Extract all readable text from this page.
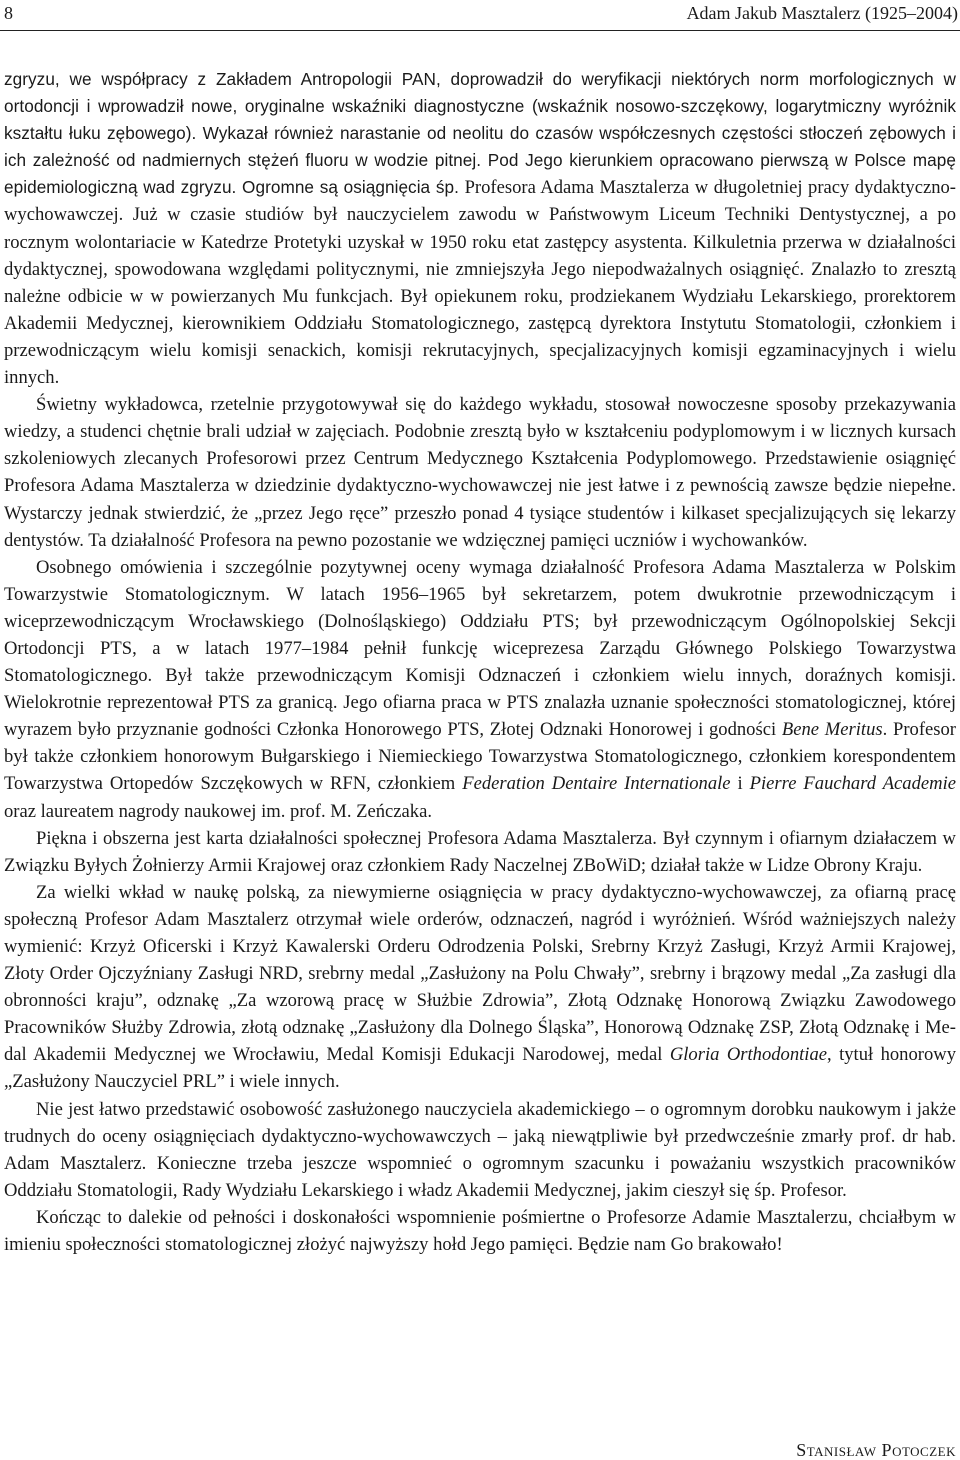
8	Adam Jakub Masztalerz (1925–2004)

zgryzu, we współpracy z Zakładem Antropologii PAN, doprowadził do weryfikacji niektórych norm morfologicznych w ortodoncji i wprowadził nowe, oryginalne wskaźniki diagnostyczne (wskaźnik nosowo-szczękowy, logarytmiczny wyróżnik kształtu łuku zębowego). Wykazał również narastanie od neolitu do czasów współczesnych częstości stłoczeń zębowych i ich zależność od nadmiernych stężeń fluoru w wodzie pitnej. Pod Jego kierunkiem opracowano pierwszą w Polsce mapę epidemiologiczną wad zgryzu. Ogromne są osiągnięcia śp. Profesora Adama Masztalerza w długoletniej pracy dydaktyczno-wychowawczej. Już w czasie studiów był nauczycielem zawodu w Państwowym Liceum Techniki Dentystycznej, a po rocznym wolontariacie w Katedrze Protetyki uzyskał w 1950 roku etat zastępcy asystenta. Kilkuletnia przerwa w działalności dydaktycznej, spowodowana względami politycznymi, nie zmniejszyła Jego niepodważalnych osiągnięć. Znalazło to zresztą należne odbicie w w powierzanych Mu funkcjach. Był opiekunem roku, prodziekanem Wydziału Lekarskiego, prorektorem Akademii Medycznej, kierownikiem Oddziału Stomatologicznego, zastępcą dyrektora Instytutu Stomatologii, członkiem i przewodniczącym wielu komisji senackich, komisji rekrutacyjnych, specjalizacyjnych komisji egzaminacyjnych i wielu innych.

Świetny wykładowca, rzetelnie przygotowywał się do każdego wykładu, stosował nowoczesne sposoby przekazywania wiedzy, a studenci chętnie brali udział w zajęciach. Podobnie zresztą było w kształceniu podyplomowym i w licznych kursach szkoleniowych zlecanych Profesorowi przez Centrum Medycznego Kształcenia Podyplomowego. Przedstawienie osiągnięć Profesora Adama Masztalerza w dziedzinie dydaktyczno-wychowawczej nie jest łatwe i z pewnością zawsze będzie niepełne. Wystarczy jednak stwierdzić, że „przez Jego ręce” przeszło ponad 4 tysiące studentów i kilkaset specjalizujących się lekarzy dentystów. Ta działalność Profesora na pewno pozostanie we wdzięcznej pamięci uczniów i wychowanków.

Osobnego omówienia i szczególnie pozytywnej oceny wymaga działalność Profesora Adama Masztalerza w Polskim Towarzystwie Stomatologicznym. W latach 1956–1965 był sekretarzem, potem dwukrotnie przewodniczącym i wiceprzewodniczącym Wrocławskiego (Dolnośląskiego) Oddziału PTS; był przewodniczącym Ogólnopolskiej Sekcji Ortodoncji PTS, a w latach 1977–1984 pełnił funkcję wiceprezesa Zarządu Głównego Polskiego Towarzystwa Stomatologicznego. Był także przewodniczącym Komisji Odznaczeń i członkiem wielu innych, doraźnych komisji. Wielokrotnie reprezentował PTS za granicą. Jego ofiarna praca w PTS znalazła uznanie społeczności stomatologicznej, której wyrazem było przyznanie godności Członka Honorowego PTS, Złotej Odznaki Honorowej i godności Bene Meritus. Profesor był także członkiem honorowym Bułgarskiego i Niemieckiego Towarzystwa Stomatologicznego, członkiem korespondentem Towarzystwa Ortopedów Szczękowych w RFN, członkiem Federation Dentaire Internationale i Pierre Fauchard Academie oraz laureatem nagrody naukowej im. prof. M. Zeńczaka.

Piękna i obszerna jest karta działalności społecznej Profesora Adama Masztalerza. Był czynnym i ofiarnym działaczem w Związku Byłych Żołnierzy Armii Krajowej oraz członkiem Rady Naczelnej ZBoWiD; działał także w Lidze Obrony Kraju.

Za wielki wkład w naukę polską, za niewymierne osiągnięcia w pracy dydaktyczno-wychowawczej, za ofiarną pracę społeczną Profesor Adam Masztalerz otrzymał wiele orderów, odznaczeń, nagród i wyróżnień. Wśród ważniejszych należy wymienić: Krzyż Oficerski i Krzyż Kawalerski Orderu Odrodzenia Polski, Srebrny Krzyż Zasługi, Krzyż Armii Krajowej, Złoty Order Ojczyźniany Zasługi NRD, srebrny medal „Zasłużony na Polu Chwały”, srebrny i brązowy medal „Za zasługi dla obronności kraju”, odznakę „Za wzorową pracę w Służbie Zdrowia”, Złotą Odznakę Honorową Związku Zawodowego Pracowników Służby Zdrowia, złotą odznakę „Zasłużony dla Dolnego Śląska”, Honorową Odznakę ZSP, Złotą Odznakę i Medal Akademii Medycznej we Wrocławiu, Medal Komisji Edukacji Narodowej, medal Gloria Orthodontiae, tytuł honorowy „Zasłużony Nauczyciel PRL” i wiele innych.

Nie jest łatwo przedstawić osobowość zasłużonego nauczyciela akademickiego – o ogromnym dorobku naukowym i jakże trudnych do oceny osiągnięciach dydaktyczno-wychowawczych – jaką niewątpliwie był przedwcześnie zmarły prof. dr hab. Adam Masztalerz. Konieczne trzeba jeszcze wspomnieć o ogromnym szacunku i poważaniu wszystkich pracowników Oddziału Stomatologii, Rady Wydziału Lekarskiego i władz Akademii Medycznej, jakim cieszył się śp. Profesor.

Kończąc to dalekie od pełności i doskonałości wspomnienie pośmiertne o Profesorze Adamie Masztalerzu, chciałbym w imieniu społeczności stomatologicznej złożyć najwyższy hołd Jego pamięci. Będzie nam Go brakowało!

Stanisław Potoczek
